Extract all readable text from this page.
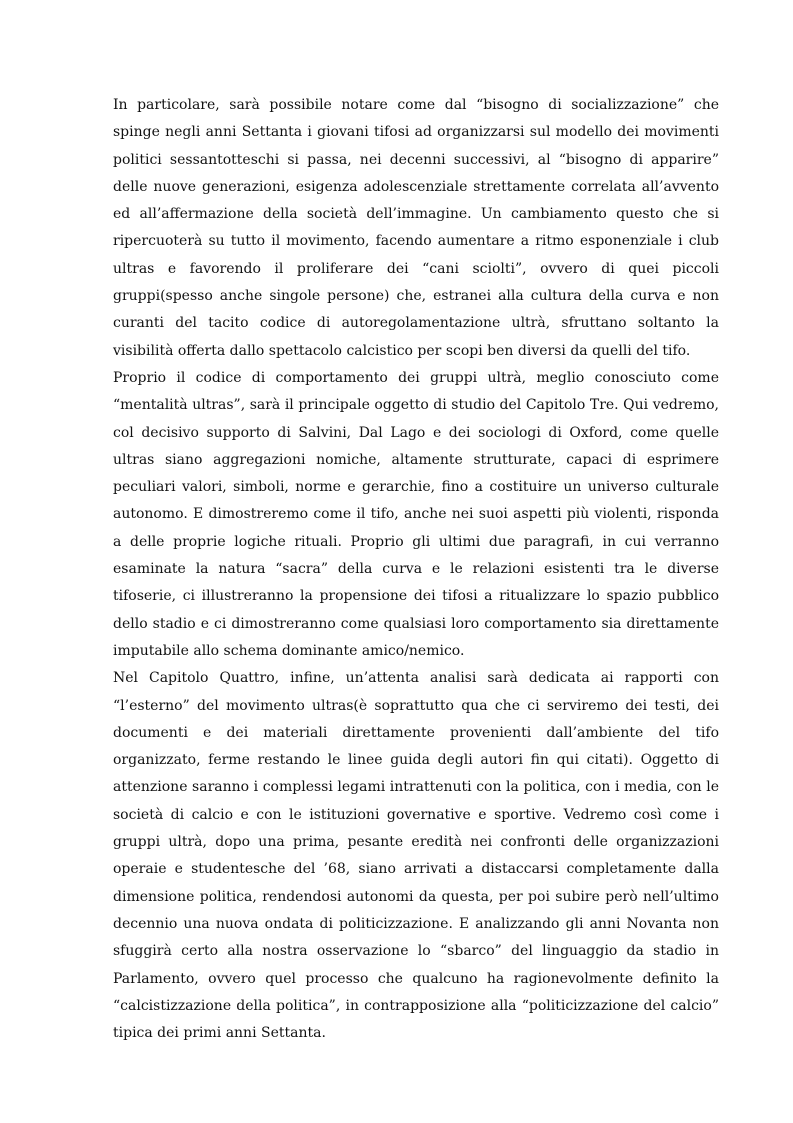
In particolare, sarà possibile notare come dal “bisogno di socializzazione” che spinge negli anni Settanta i giovani tifosi ad organizzarsi sul modello dei movimenti politici sessantotteschi si passa, nei decenni successivi, al “bisogno di apparire” delle nuove generazioni, esigenza adolescenziale strettamente correlata all’avvento ed all’affermazione della società dell’immagine. Un cambiamento questo che si ripercuoterà su tutto il movimento, facendo aumentare a ritmo esponenziale i club ultras e favorendo il proliferare dei “cani sciolti”, ovvero di quei piccoli gruppi(spesso anche singole persone) che, estranei alla cultura della curva e non curanti del tacito codice di autoregolamentazione ultrà, sfruttano soltanto la visibilità offerta dallo spettacolo calcistico per scopi ben diversi da quelli del tifo.

Proprio il codice di comportamento dei gruppi ultrà, meglio conosciuto come “mentalità ultras”, sarà il principale oggetto di studio del Capitolo Tre. Qui vedremo, col decisivo supporto di Salvini, Dal Lago e dei sociologi di Oxford, come quelle ultras siano aggregazioni nomiche, altamente strutturate, capaci di esprimere peculiari valori, simboli, norme e gerarchie, fino a costituire un universo culturale autonomo. E dimostreremo come il tifo, anche nei suoi aspetti più violenti, risponda a delle proprie logiche rituali. Proprio gli ultimi due paragrafi, in cui verranno esaminate la natura “sacra” della curva e le relazioni esistenti tra le diverse tifoserie, ci illustreranno la propensione dei tifosi a ritualizzare lo spazio pubblico dello stadio e ci dimostreranno come qualsiasi loro comportamento sia direttamente imputabile allo schema dominante amico/nemico.

Nel Capitolo Quattro, infine, un’attenta analisi sarà dedicata ai rapporti con “l’esterno” del movimento ultras(è soprattutto qua che ci serviremo dei testi, dei documenti e dei materiali direttamente provenienti dall’ambiente del tifo organizzato, ferme restando le linee guida degli autori fin qui citati). Oggetto di attenzione saranno i complessi legami intrattenuti con la politica, con i media, con le società di calcio e con le istituzioni governative e sportive. Vedremo così come i gruppi ultrà, dopo una prima, pesante eredità nei confronti delle organizzazioni operaie e studentesche del ’68, siano arrivati a distaccarsi completamente dalla dimensione politica, rendendosi autonomi da questa, per poi subire però nell’ultimo decennio una nuova ondata di politicizzazione. E analizzando gli anni Novanta non sfuggirà certo alla nostra osservazione lo “sbarco” del linguaggio da stadio in Parlamento, ovvero quel processo che qualcuno ha ragionevolmente definito la “calcistizzazione della politica”, in contrapposizione alla “politicizzazione del calcio” tipica dei primi anni Settanta.
